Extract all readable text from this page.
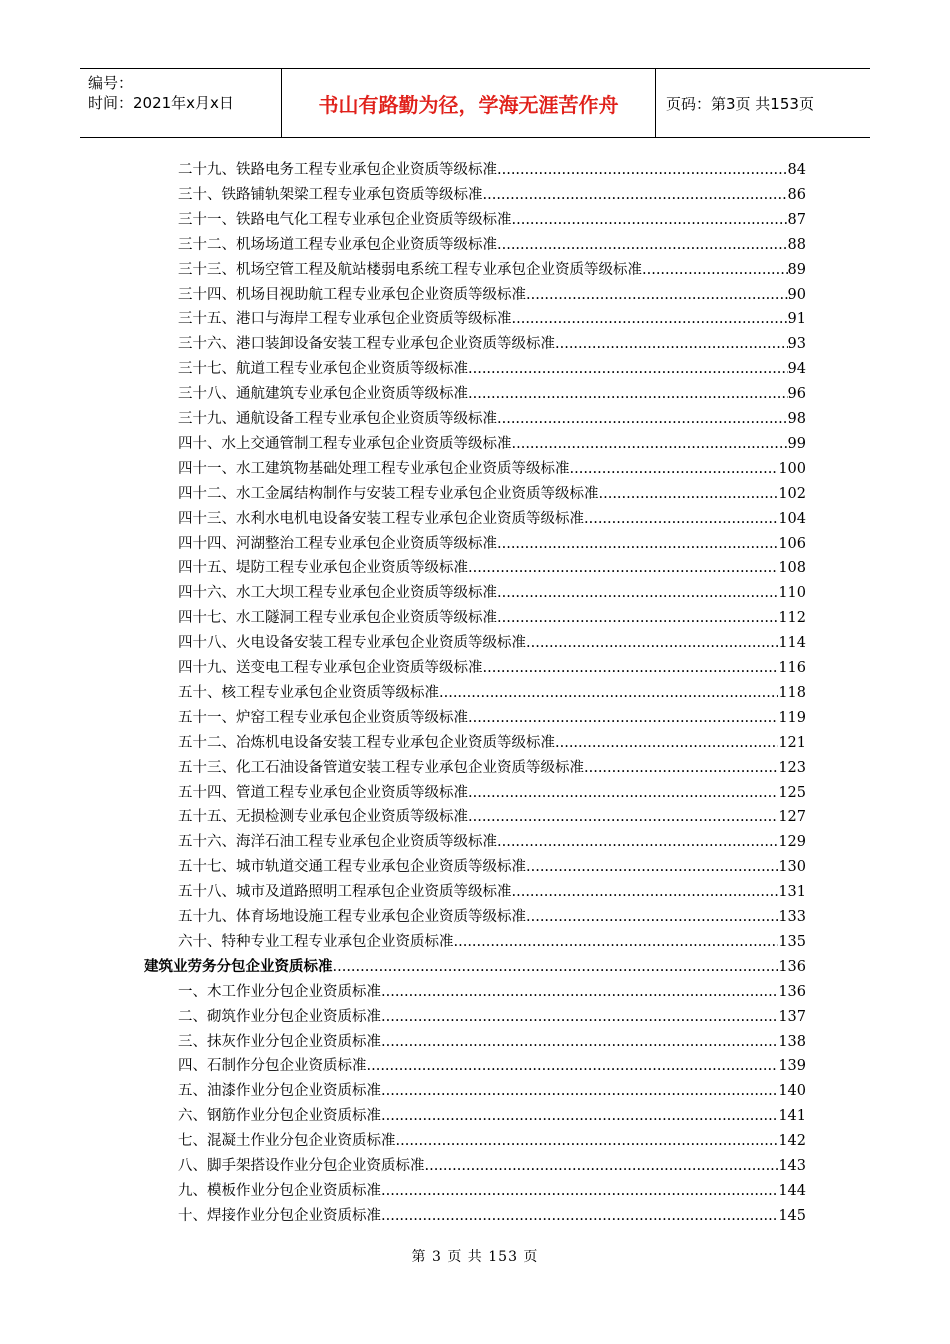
编号：
时间：2021年x月x日	书山有路勤为径，学海无涯苦作舟	页码：第3页 共153页
二十九、铁路电务工程专业承包企业资质等级标准 .....	84
三十、铁路铺轨架梁工程专业承包资质等级标准 .....	86
三十一、铁路电气化工程专业承包企业资质等级标准 .....	87
三十二、机场场道工程专业承包企业资质等级标准 .....	88
三十三、机场空管工程及航站楼弱电系统工程专业承包企业资质等级标准 .....	89
三十四、机场目视助航工程专业承包企业资质等级标准 .....	90
三十五、港口与海岸工程专业承包企业资质等级标准 .....	91
三十六、港口装卸设备安装工程专业承包企业资质等级标准 .....	93
三十七、航道工程专业承包企业资质等级标准 .....	94
三十八、通航建筑专业承包企业资质等级标准 .....	96
三十九、通航设备工程专业承包企业资质等级标准 .....	98
四十、水上交通管制工程专业承包企业资质等级标准 .....	99
四十一、水工建筑物基础处理工程专业承包企业资质等级标准 .....	100
四十二、水工金属结构制作与安装工程专业承包企业资质等级标准 .....	102
四十三、水利水电机电设备安装工程专业承包企业资质等级标准 .....	104
四十四、河湖整治工程专业承包企业资质等级标准 .....	106
四十五、堤防工程专业承包企业资质等级标准 .....	108
四十六、水工大坝工程专业承包企业资质等级标准 .....	110
四十七、水工隧洞工程专业承包企业资质等级标准 .....	112
四十八、火电设备安装工程专业承包企业资质等级标准 .....	114
四十九、送变电工程专业承包企业资质等级标准 .....	116
五十、核工程专业承包企业资质等级标准 .....	118
五十一、炉窑工程专业承包企业资质等级标准 .....	119
五十二、冶炼机电设备安装工程专业承包企业资质等级标准 .....	121
五十三、化工石油设备管道安装工程专业承包企业资质等级标准 .....	123
五十四、管道工程专业承包企业资质等级标准 .....	125
五十五、无损检测专业承包企业资质等级标准 .....	127
五十六、海洋石油工程专业承包企业资质等级标准 .....	129
五十七、城市轨道交通工程专业承包企业资质等级标准 .....	130
五十八、城市及道路照明工程承包企业资质等级标准 .....	131
五十九、体育场地设施工程专业承包企业资质等级标准 .....	133
六十、特种专业工程专业承包企业资质标准 .....	135
建筑业劳务分包企业资质标准 .....	136
一、木工作业分包企业资质标准 .....	136
二、砌筑作业分包企业资质标准 .....	137
三、抹灰作业分包企业资质标准 .....	138
四、石制作分包企业资质标准 .....	139
五、油漆作业分包企业资质标准 .....	140
六、钢筋作业分包企业资质标准 .....	141
七、混凝土作业分包企业资质标准 .....	142
八、脚手架搭设作业分包企业资质标准 .....	143
九、模板作业分包企业资质标准 .....	144
十、焊接作业分包企业资质标准 .....	145
第 3 页 共 153 页
